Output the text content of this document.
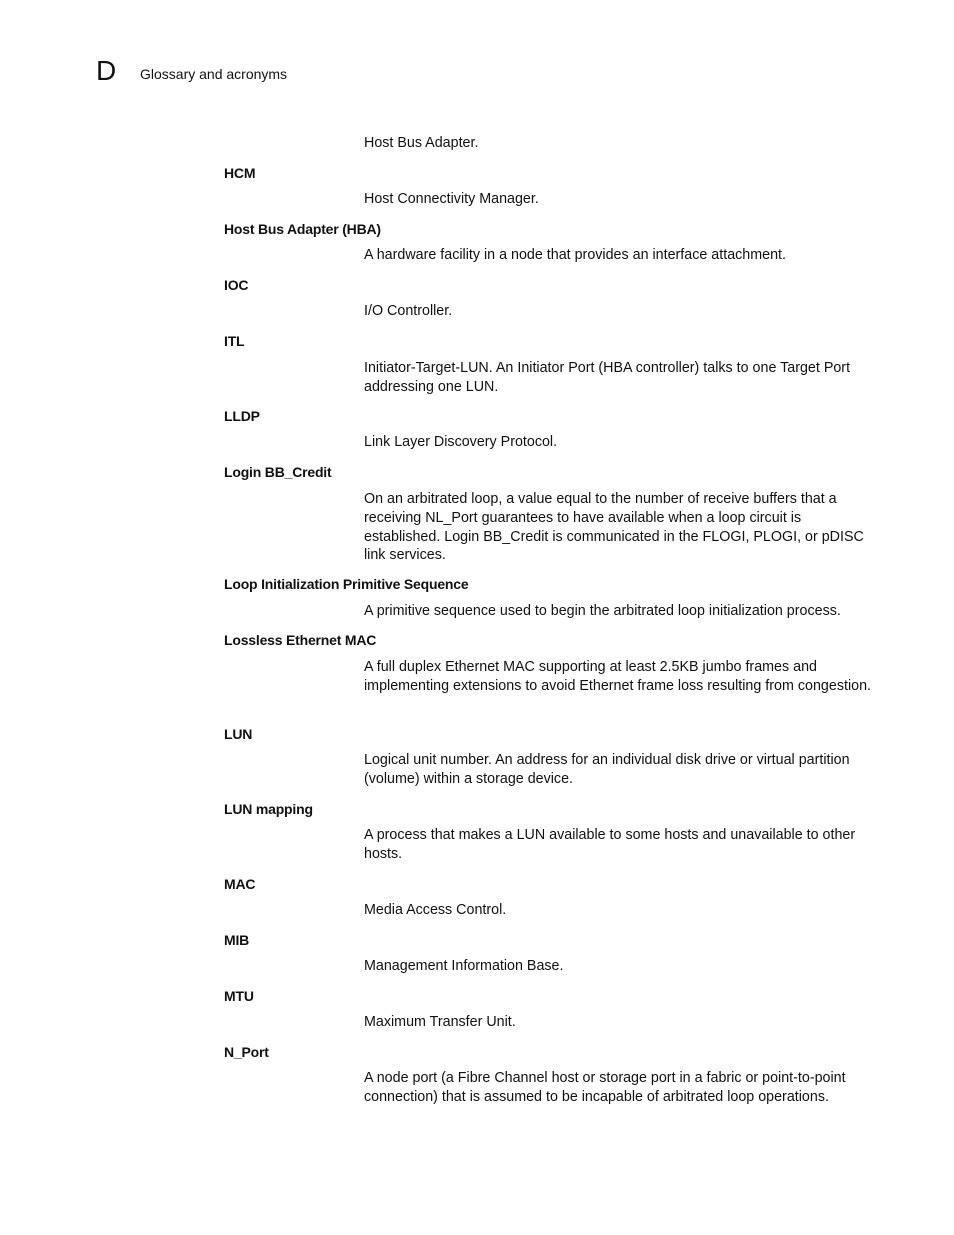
D Glossary and acronyms
Host Bus Adapter.
HCM
Host Connectivity Manager.
Host Bus Adapter (HBA)
A hardware facility in a node that provides an interface attachment.
IOC
I/O Controller.
ITL
Initiator-Target-LUN. An Initiator Port (HBA controller) talks to one Target Port addressing one LUN.
LLDP
Link Layer Discovery Protocol.
Login BB_Credit
On an arbitrated loop, a value equal to the number of receive buffers that a receiving NL_Port guarantees to have available when a loop circuit is established. Login BB_Credit is communicated in the FLOGI, PLOGI, or pDISC link services.
Loop Initialization Primitive Sequence
A primitive sequence used to begin the arbitrated loop initialization process.
Lossless Ethernet MAC
A full duplex Ethernet MAC supporting at least 2.5KB jumbo frames and implementing extensions to avoid Ethernet frame loss resulting from congestion.
LUN
Logical unit number. An address for an individual disk drive or virtual partition (volume) within a storage device.
LUN mapping
A process that makes a LUN available to some hosts and unavailable to other hosts.
MAC
Media Access Control.
MIB
Management Information Base.
MTU
Maximum Transfer Unit.
N_Port
A node port (a Fibre Channel host or storage port in a fabric or point-to-point connection) that is assumed to be incapable of arbitrated loop operations.
